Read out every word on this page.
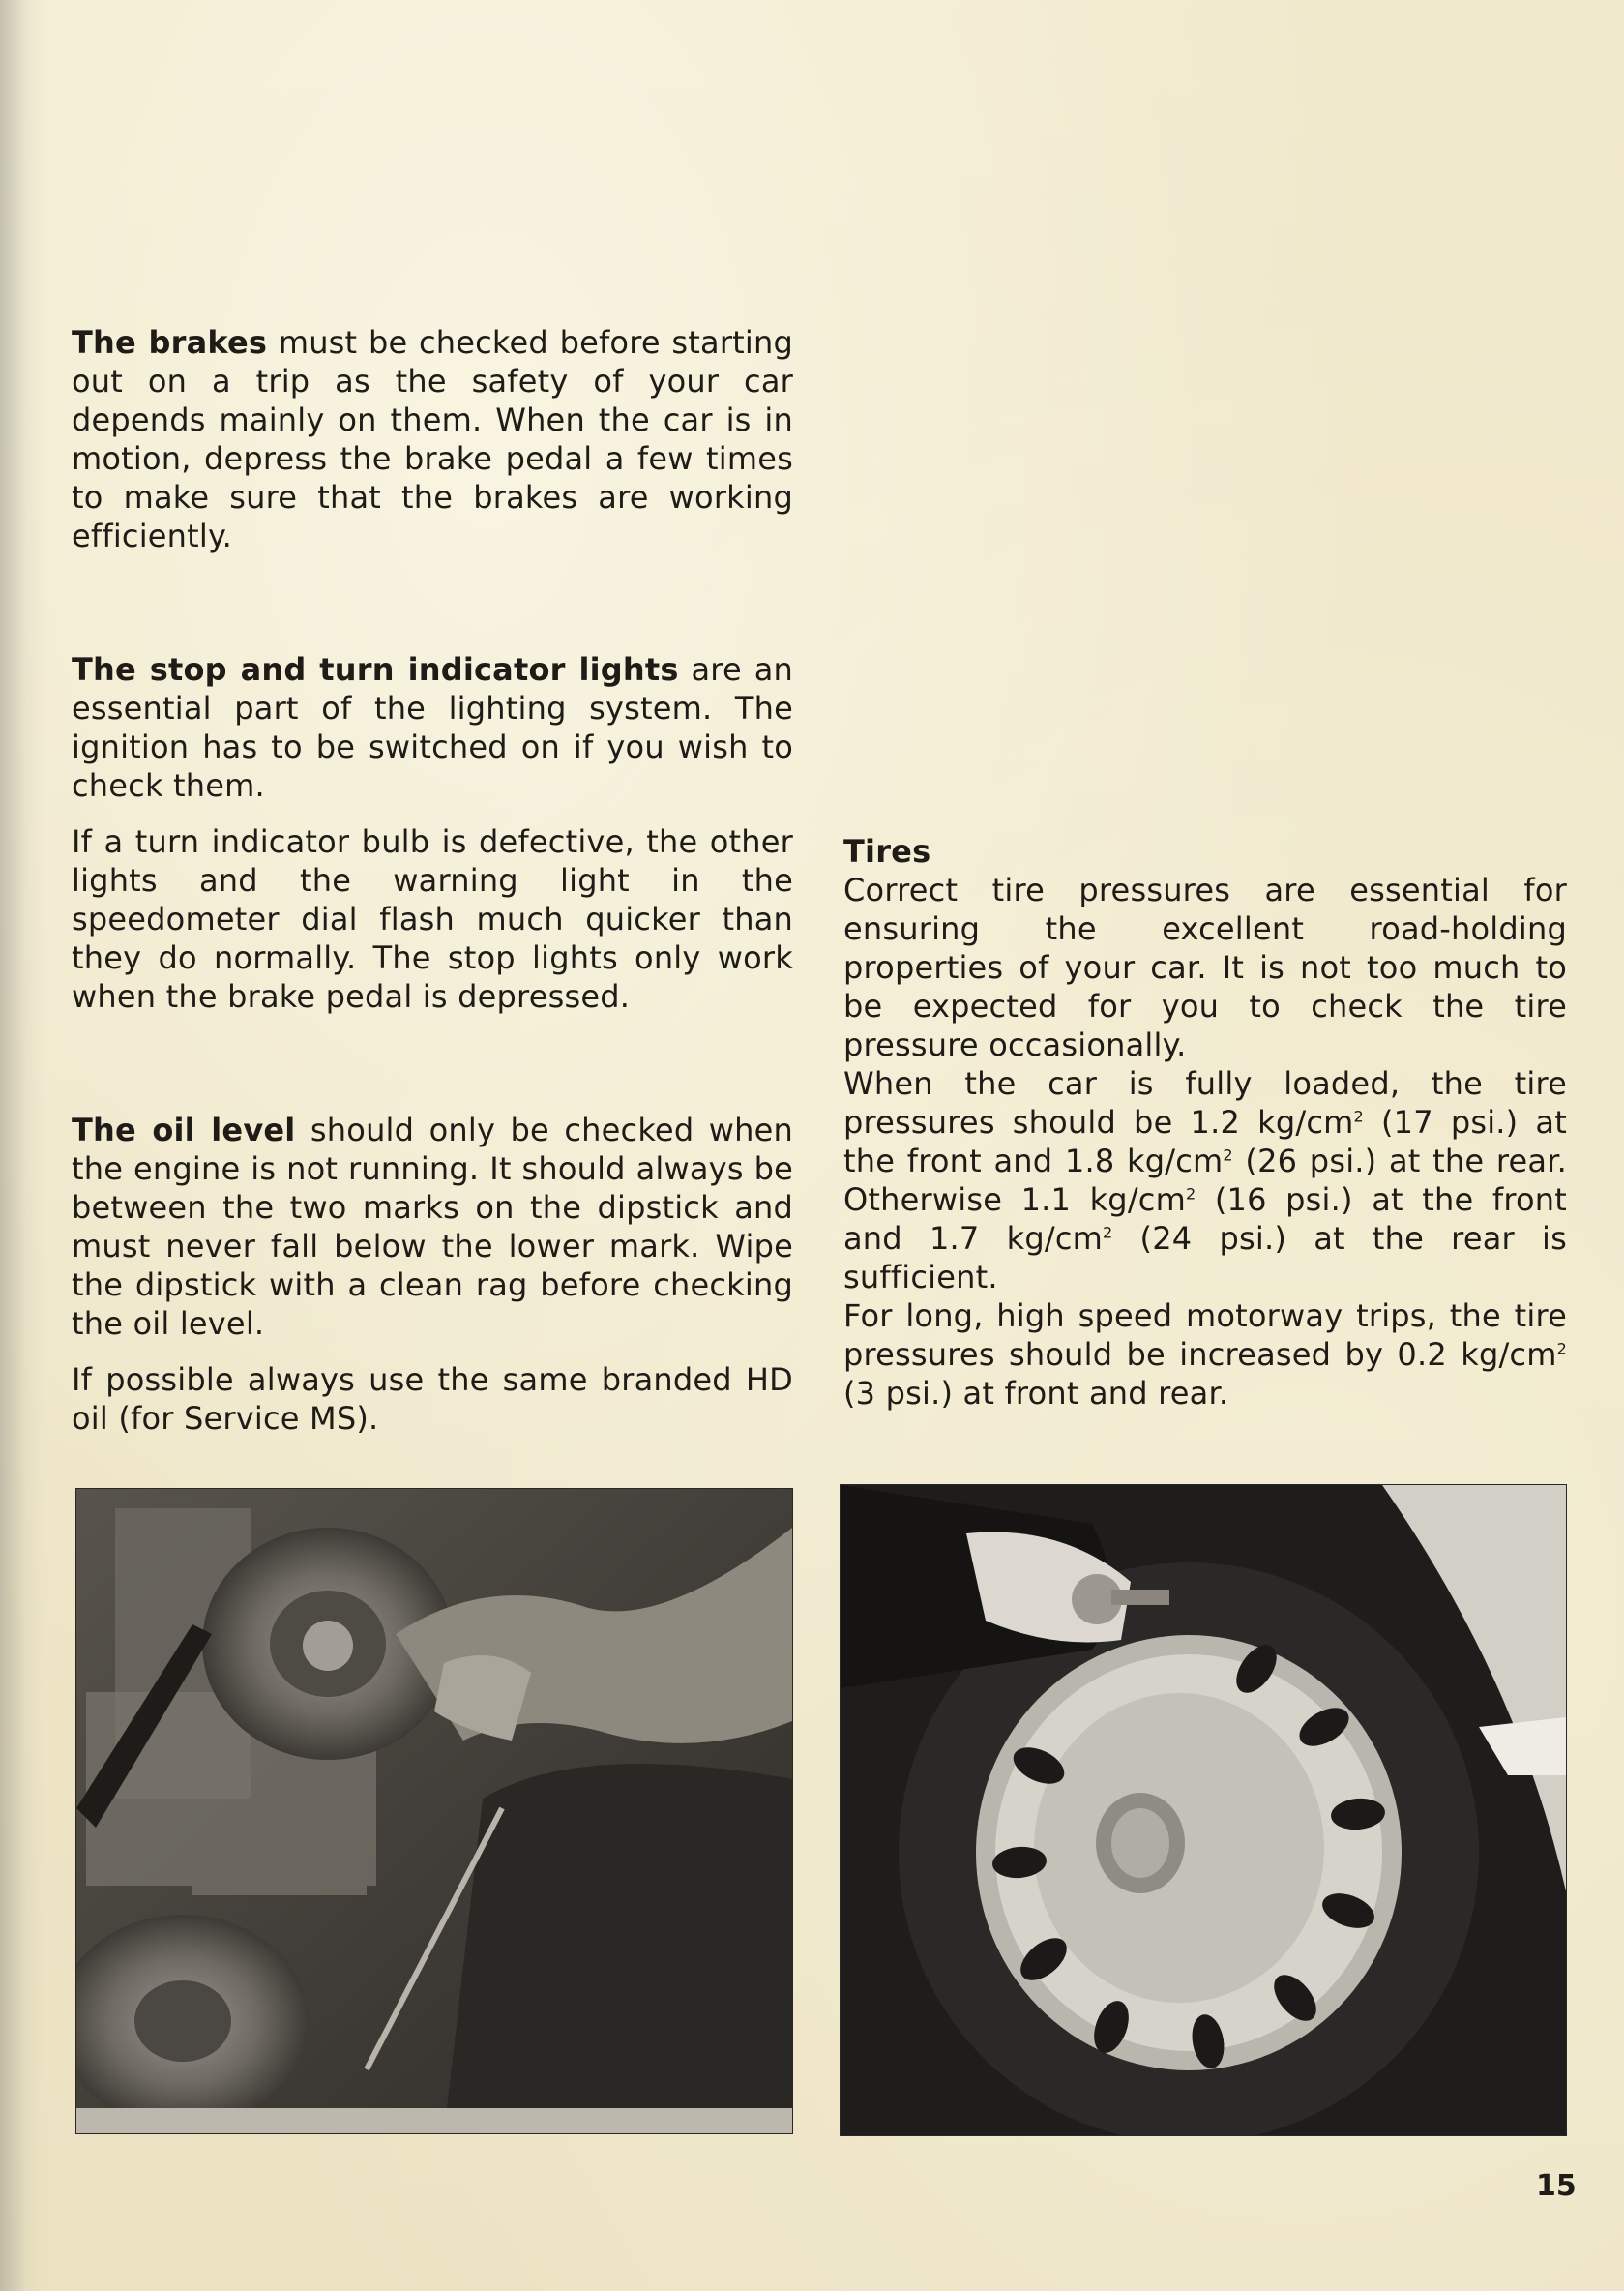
The brakes must be checked before starting out on a trip as the safety of your car depends mainly on them. When the car is in motion, depress the brake pedal a few times to make sure that the brakes are working efficiently.

The stop and turn indicator lights are an essential part of the lighting system. The ignition has to be switched on if you wish to check them.

If a turn indicator bulb is defective, the other lights and the warning light in the speedometer dial flash much quicker than they do normally. The stop lights only work when the brake pedal is depressed.

The oil level should only be checked when the engine is not running. It should always be between the two marks on the dipstick and must never fall below the lower mark. Wipe the dipstick with a clean rag before checking the oil level.

If possible always use the same branded HD oil (for Service MS).

Tires

Correct tire pressures are essential for ensuring the excellent road-holding properties of your car. It is not too much to be expected for you to check the tire pressure occasionally.

When the car is fully loaded, the tire pressures should be 1.2 $kg/cm^2$ (17 psi.) at the front and 1.8 $kg/cm^2$ (26 psi.) at the rear. Otherwise 1.1 $kg/cm^2$ (16 psi.) at the front and 1.7 $kg/cm^2$ (24 psi.) at the rear is sufficient.

For long, high speed motorway trips, the tire pressures should be increased by 0.2 $kg/cm^2$ (3 psi.) at front and rear.

15
